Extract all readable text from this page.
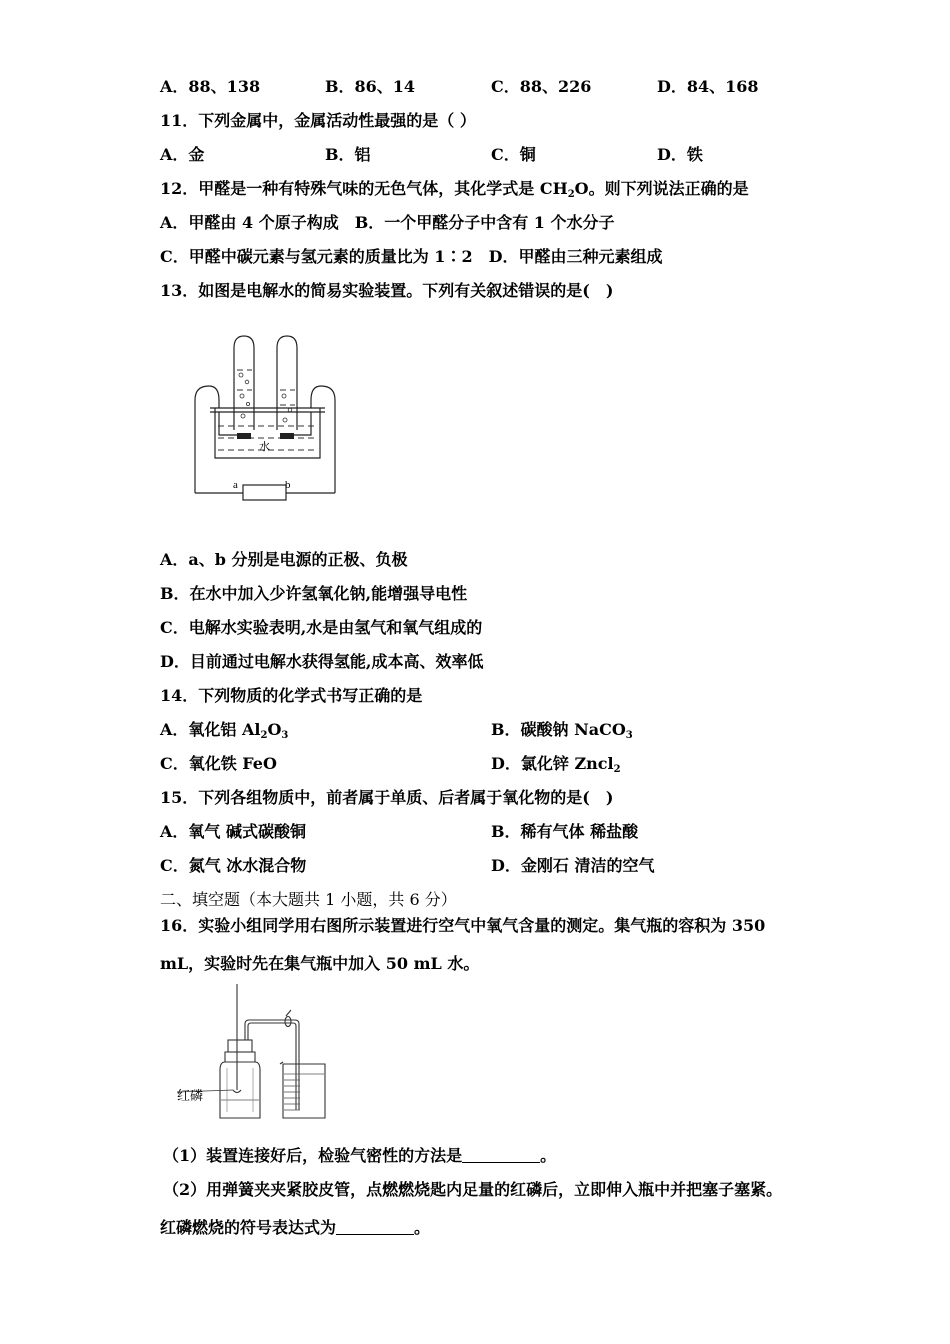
A．88、138	B．86、14	C．88、226	D．84、168
11．下列金属中，金属活动性最强的是（ ）
A．金	B．铝	C．铜	D．铁
12．甲醛是一种有特殊气味的无色气体，其化学式是 $CH_2O$。则下列说法正确的是
A．甲醛由 4 个原子构成　B．一个甲醛分子中含有 1 个水分子
C．甲醛中碳元素与氢元素的质量比为 1∶2　D．甲醛由三种元素组成
13．如图是电解水的简易实验装置。下列有关叙述错误的是(　)
a	b
水
A．a、b 分别是电源的正极、负极
B．在水中加入少许氢氧化钠,能增强导电性
C．电解水实验表明,水是由氢气和氧气组成的
D．目前通过电解水获得氢能,成本高、效率低
14．下列物质的化学式书写正确的是
A．氧化铝 $Al_2O_3$	B．碳酸钠 NaCO$_3$
C．氧化铁 FeO	D．氯化锌 Zncl$_2$
15．下列各组物质中，前者属于单质、后者属于氧化物的是(　)
A．氧气 碱式碳酸铜	B．稀有气体 稀盐酸
C．氮气 冰水混合物	D．金刚石 清洁的空气
二、填空题（本大题共 1 小题，共 6 分）
16．实验小组同学用右图所示装置进行空气中氧气含量的测定。集气瓶的容积为 350
mL，实验时先在集气瓶中加入 50 mL 水。
红磷
（1）装置连接好后，检验气密性的方法是	。
（2）用弹簧夹夹紧胶皮管，点燃燃烧匙内足量的红磷后，立即伸入瓶中并把塞子塞紧。
红磷燃烧的符号表达式为	。
